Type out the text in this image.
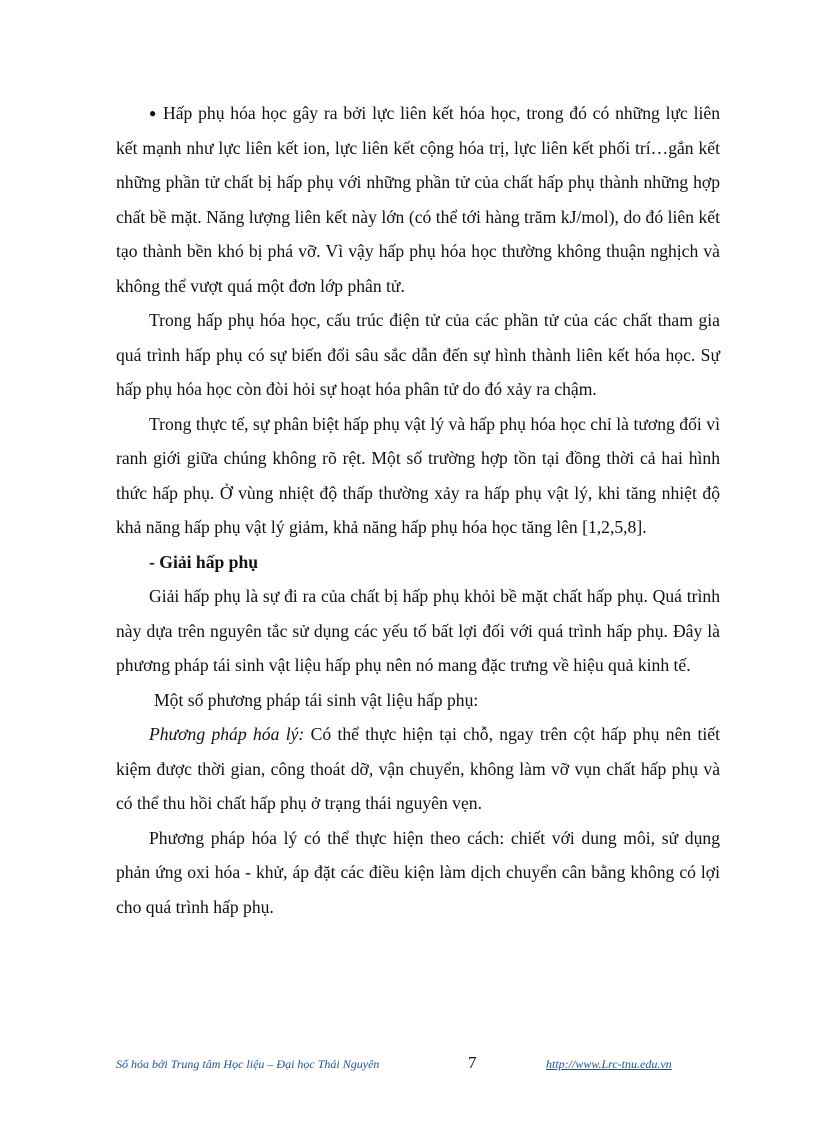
● Hấp phụ hóa học gây ra bởi lực liên kết hóa học, trong đó có những lực liên kết mạnh như lực liên kết ion, lực liên kết cộng hóa trị, lực liên kết phối trí…gắn kết những phần tử chất bị hấp phụ với những phần tử của chất hấp phụ thành những hợp chất bề mặt. Năng lượng liên kết này lớn (có thể tới hàng trăm kJ/mol), do đó liên kết tạo thành bền khó bị phá vỡ. Vì vậy hấp phụ hóa học thường không thuận nghịch và không thể vượt quá một đơn lớp phân tử.

Trong hấp phụ hóa học, cấu trúc điện tử của các phần tử của các chất tham gia quá trình hấp phụ có sự biến đổi sâu sắc dẫn đến sự hình thành liên kết hóa học. Sự hấp phụ hóa học còn đòi hỏi sự hoạt hóa phân tử do đó xảy ra chậm.

Trong thực tế, sự phân biệt hấp phụ vật lý và hấp phụ hóa học chỉ là tương đối vì ranh giới giữa chúng không rõ rệt. Một số trường hợp tồn tại đồng thời cả hai hình thức hấp phụ. Ở vùng nhiệt độ thấp thường xảy ra hấp phụ vật lý, khi tăng nhiệt độ khả năng hấp phụ vật lý giảm, khả năng hấp phụ hóa học tăng lên [1,2,5,8].

- Giải hấp phụ

Giải hấp phụ là sự đi ra của chất bị hấp phụ khỏi bề mặt chất hấp phụ. Quá trình này dựa trên nguyên tắc sử dụng các yếu tố bất lợi đối với quá trình hấp phụ. Đây là phương pháp tái sinh vật liệu hấp phụ nên nó mang đặc trưng về hiệu quả kinh tế.

Một số phương pháp tái sinh vật liệu hấp phụ:

Phương pháp hóa lý: Có thể thực hiện tại chỗ, ngay trên cột hấp phụ nên tiết kiệm được thời gian, công thoát dỡ, vận chuyển, không làm vỡ vụn chất hấp phụ và có thể thu hồi chất hấp phụ ở trạng thái nguyên vẹn.

Phương pháp hóa lý có thể thực hiện theo cách: chiết với dung môi, sử dụng phản ứng oxi hóa - khử, áp đặt các điều kiện làm dịch chuyển cân bằng không có lợi cho quá trình hấp phụ.

Số hóa bởi Trung tâm Học liệu – Đại học Thái Nguyên	7	http://www.Lrc-tnu.edu.vn
